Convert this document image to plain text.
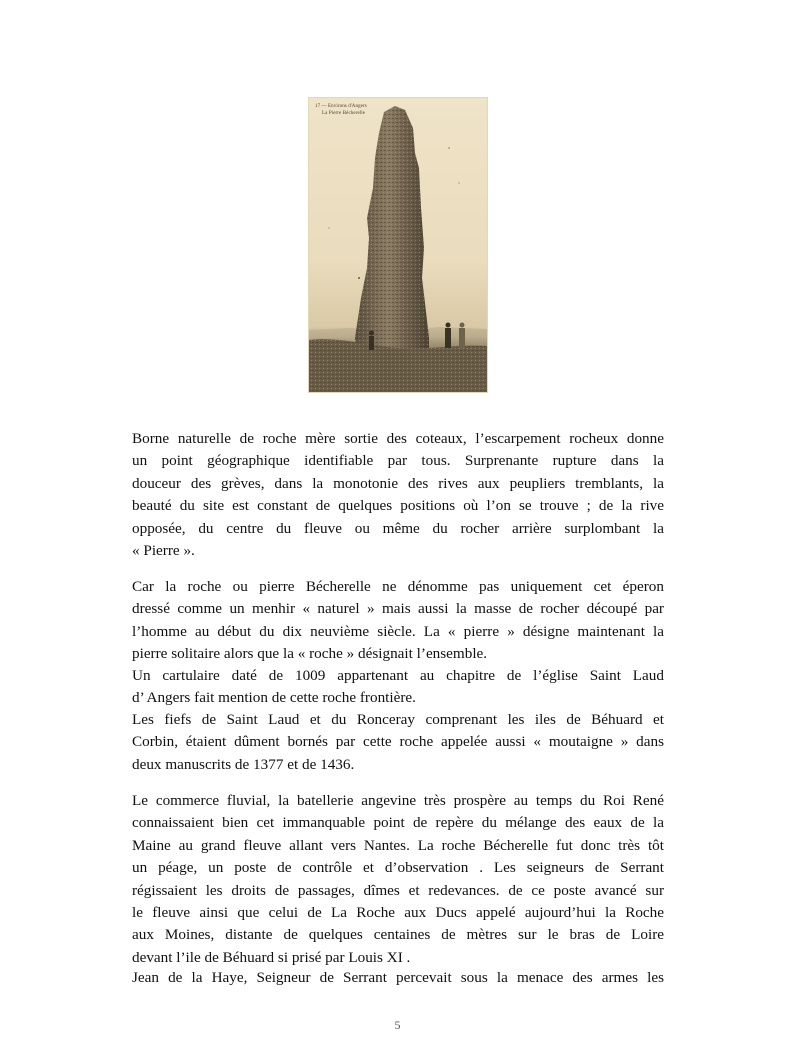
17 — Environs d'Angers
La Pierre Bécherelle

Borne naturelle de roche mère sortie des coteaux, l’escarpement rocheux donne
un point géographique identifiable par tous. Surprenante rupture dans la
douceur des grèves, dans la monotonie des rives aux peupliers tremblants, la
beauté du site est constant de quelques positions où l’on se trouve ; de la rive
opposée, du centre du fleuve ou même du rocher arrière surplombant la
« Pierre ».

Car la roche ou pierre Bécherelle ne dénomme pas uniquement cet éperon
dressé comme un menhir « naturel » mais aussi la masse de rocher découpé par
l’homme au début du dix neuvième siècle. La « pierre » désigne maintenant la
pierre solitaire alors que la « roche » désignait l’ensemble.

Un cartulaire daté de 1009 appartenant au chapitre de l’église Saint Laud
d’ Angers fait mention de cette roche frontière.

Les fiefs de Saint Laud et du Ronceray comprenant les iles de Béhuard et
Corbin, étaient dûment bornés par cette roche appelée aussi « moutaigne » dans
deux manuscrits de 1377 et de 1436.

Le commerce fluvial, la batellerie angevine très prospère au temps du Roi René
connaissaient bien cet immanquable point de repère du mélange des eaux de la
Maine au grand fleuve allant vers Nantes. La roche Bécherelle fut donc très tôt
un péage, un poste de contrôle et d’observation . Les seigneurs de Serrant
régissaient les droits de passages, dîmes et redevances. de ce poste avancé sur
le fleuve ainsi que celui de La Roche aux Ducs appelé aujourd’hui la Roche
aux Moines, distante de quelques centaines de mètres sur le bras de Loire
devant l’ile de Béhuard si prisé par Louis XI .

Jean de la Haye, Seigneur de Serrant percevait sous la menace des armes les

5
